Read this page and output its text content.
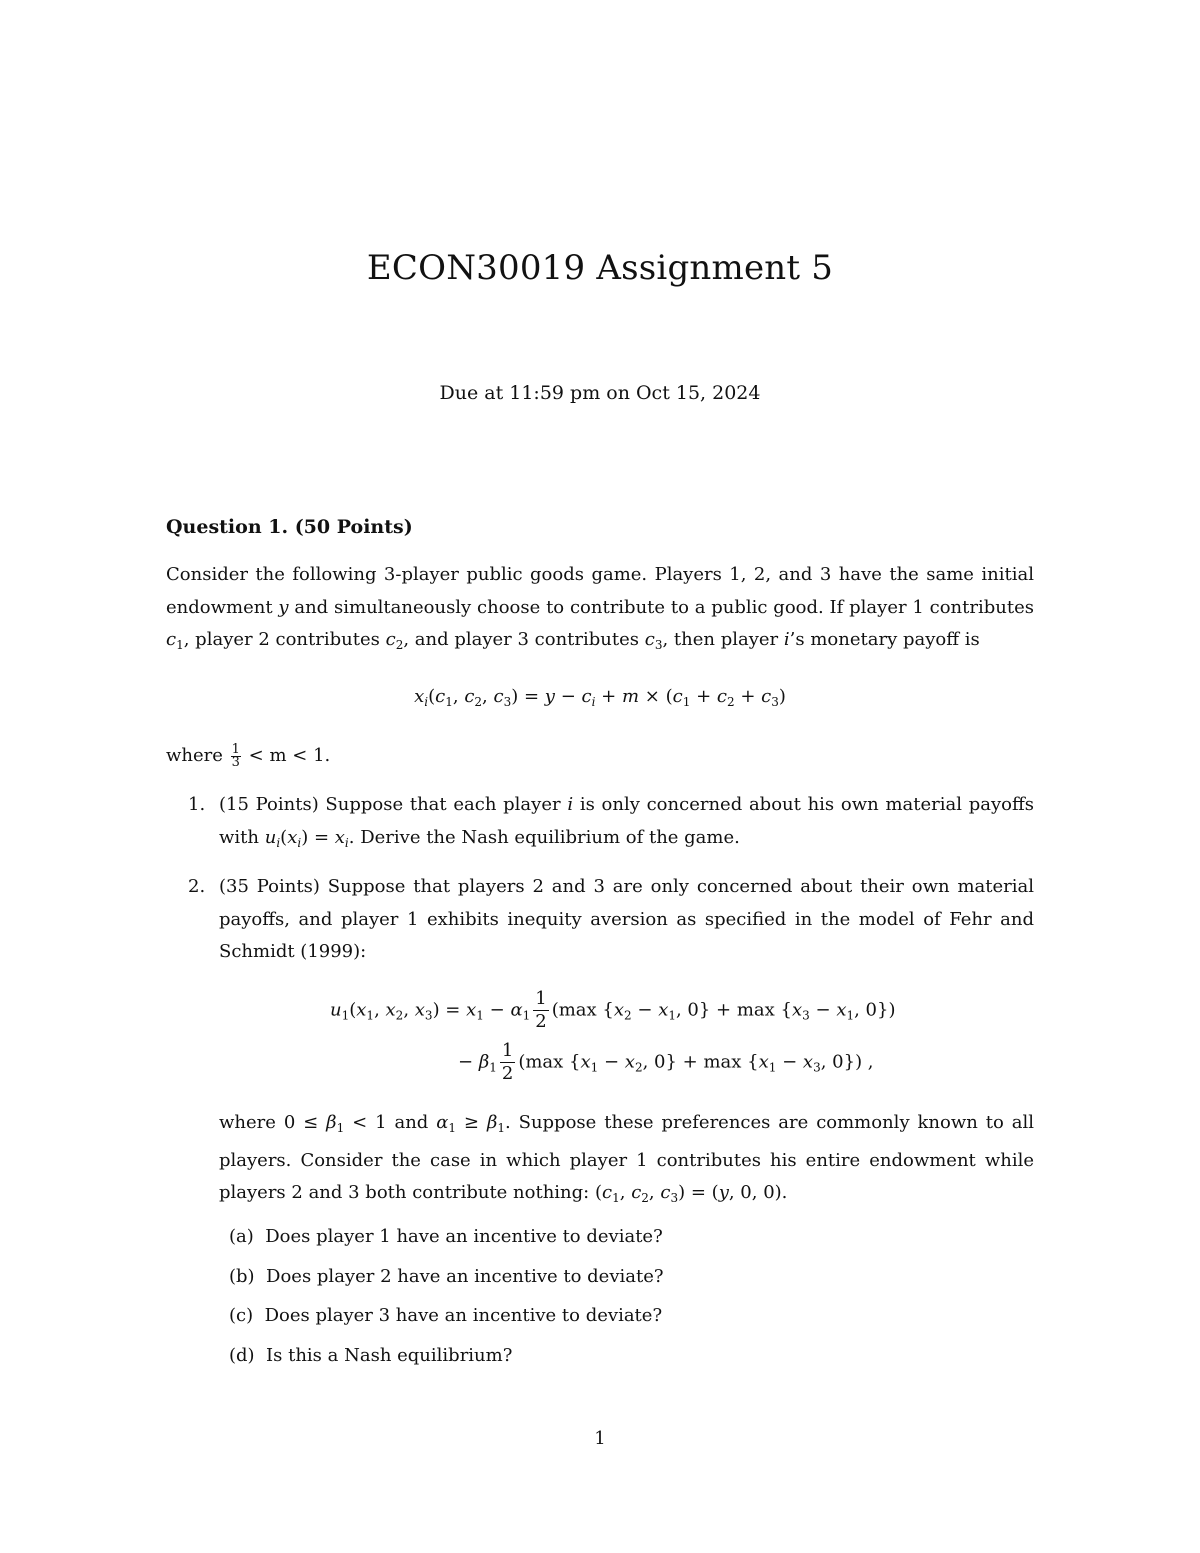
ECON30019 Assignment 5
Due at 11:59 pm on Oct 15, 2024
Question 1. (50 Points)
Consider the following 3-player public goods game. Players 1, 2, and 3 have the same initial endowment y and simultaneously choose to contribute to a public good. If player 1 contributes $c_1$, player 2 contributes $c_2$, and player 3 contributes $c_3$, then player i’s monetary payoff is
$x_i(c_1$, $c_2$, $c_3) = y - c_i + m \times (c_1 + c_2 + c_3)$
where $\frac{1}{3} < m < 1$.
1. (15 Points) Suppose that each player i is only concerned about his own material payoffs with $u_i(x_i) = x_i$. Derive the Nash equilibrium of the game.
2. (35 Points) Suppose that players 2 and 3 are only concerned about their own material payoffs, and player 1 exhibits inequity aversion as specified in the model of Fehr and Schmidt (1999):
$u_1(x_1$, $x_2$, $x_3) = x_1 - \alpha_1 \frac{1}{2} (\max$ {$x_2 - x_1$, $0\} + \max \{x_3 - x_1$, 0})
− $\beta_1 \frac{1}{2} (\max$ {$x_1 - x_2$, $0\} + \max \{x_1 - x_3$, 0}) ,
where $0 \le \beta_1 < 1$ and $\alpha_1 \ge \beta_1$. Suppose these preferences are commonly known to all players. Consider the case in which player 1 contributes his entire endowment while players 2 and 3 both contribute nothing: ($c_1$, $c_2$, $c_3) = (y$, 0, 0).
(a) Does player 1 have an incentive to deviate?
(b) Does player 2 have an incentive to deviate?
(c) Does player 3 have an incentive to deviate?
(d) Is this a Nash equilibrium?
1
